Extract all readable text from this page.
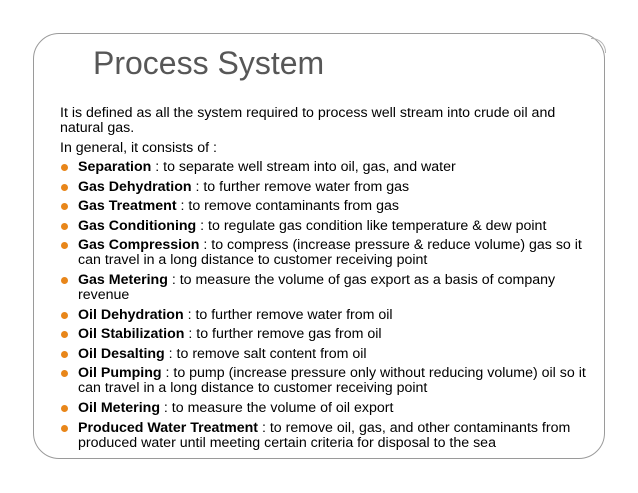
Process System

It is defined as all the system required to process well stream into crude oil and natural gas.

In general, it consists of :

Separation : to separate well stream into oil, gas, and water
Gas Dehydration : to further remove water from gas
Gas Treatment : to remove contaminants from gas
Gas Conditioning : to regulate gas condition like temperature & dew point
Gas Compression : to compress (increase pressure & reduce volume) gas so it can travel in a long distance to customer receiving point
Gas Metering : to measure the volume of gas export as a basis of company revenue
Oil Dehydration : to further remove water from oil
Oil Stabilization : to further remove gas from oil
Oil Desalting : to remove salt content from oil
Oil Pumping : to pump (increase pressure only without reducing volume) oil so it can travel in a long distance to customer receiving point
Oil Metering : to measure the volume of oil export
Produced Water Treatment : to remove oil, gas, and other contaminants from produced water until meeting certain criteria for disposal to the sea
